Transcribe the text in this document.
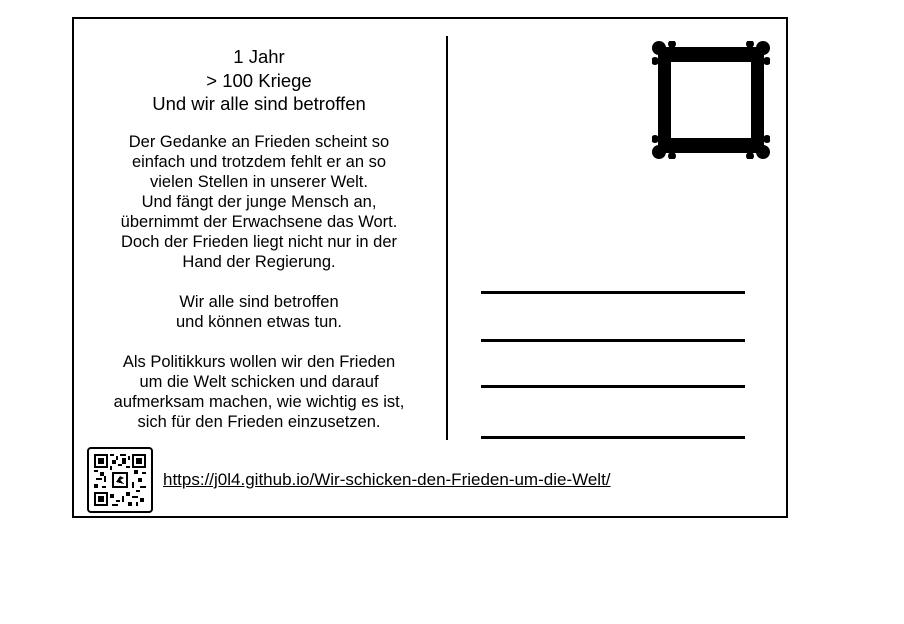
1 Jahr
> 100 Kriege
Und wir alle sind betroffen

Der Gedanke an Frieden scheint so
einfach und trotzdem fehlt er an so
vielen Stellen in unserer Welt.
Und fängt der junge Mensch an,
übernimmt der Erwachsene das Wort.
Doch der Frieden liegt nicht nur in der
Hand der Regierung.

Wir alle sind betroffen
und können etwas tun.

Als Politikkurs wollen wir den Frieden
um die Welt schicken und darauf
aufmerksam machen, wie wichtig es ist,
sich für den Frieden einzusetzen.

https://j0l4.github.io/Wir-schicken-den-Frieden-um-die-Welt/
